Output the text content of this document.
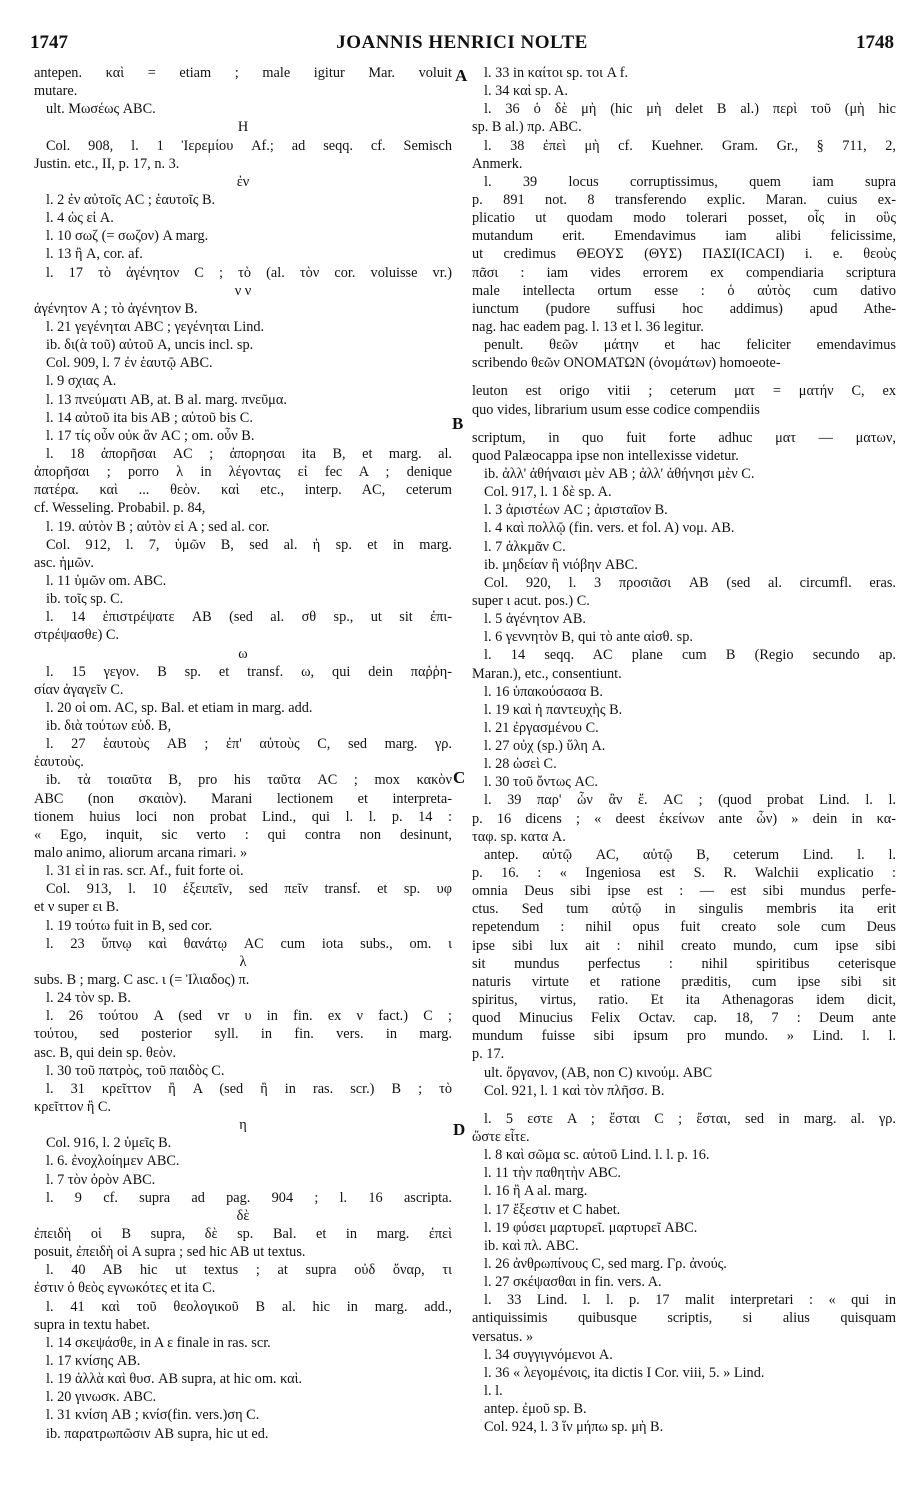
1747	JOANNIS HENRICI NOLTE	1748
A
B
C
D
antepen. καὶ = etiam ; male igitur Mar. voluit
mutare.
ult. Μωσέως ABC.
H
Col. 908, l. 1 Ἱερεμίου Af.; ad seqq. cf. Semisch
Justin. etc., II, p. 17, n. 3.
ἐν
l. 2 ἐν αὐτοῖς AC ; ἑαυτοῖς B.
l. 4 ὡς εἰ A.
l. 10 σωζ (= σωζον) A marg.
l. 13 ἢ A, cor. af.
l. 17 τὸ ἀγένητον C ; τὸ (al. τὸν cor. voluisse vr.)
ν ν
ἀγένητον A ; τὸ ἀγένητον B.
l. 21 γεγένηται ABC ; γεγένηται Lind.
ib. δι(ὰ τοῦ) αὐτοῦ A, uncis incl. sp.
Col. 909, l. 7 ἐν ἑαυτῷ ABC.
l. 9 σχιας A.
l. 13 πνεύματι AB, at. B al. marg. πνεῦμα.
l. 14 αὐτοῦ ita bis AB ; αὐτοῦ bis C.
l. 17 τίς οὖν οὐκ ἂν AC ; om. οὖν B.
l. 18 ἀπορῆσαι AC ; ἀπορησαι ita B, et marg. al.
ἀπορῆσαι ; porro λ in λέγοντας εἰ fec A ; denique
πατέρα. καὶ ... θεὸν. καὶ etc., interp. AC, ceterum
cf. Wesseling. Probabil. p. 84,
l. 19. αὐτὸν B ; αὐτὸν εἰ A ; sed al. cor.
Col. 912, l. 7, ὑμῶν B, sed al. ἡ sp. et in marg.
asc. ἡμῶν.
l. 11 ὑμῶν om. ABC.
ib. τοῖς sp. C.
l. 14 ἐπιστρέψατε AB (sed al. σθ sp., ut sit ἐπι-
στρέψασθε) C.
ω
l. 15 γεγον. B sp. et transf. ω, qui dein παῤῥη-
σίαν ἀγαγεῖν C.
l. 20 οἱ om. AC, sp. Bal. et etiam in marg. add.
ib. διὰ τούτων εὐδ. B,
l. 27 ἑαυτοὺς AB ; ἐπ' αὐτοὺς C, sed marg. γρ.
ἑαυτοὺς.
ib. τὰ τοιαῦτα B, pro his ταῦτα AC ; mox κακὸν
ABC (non σκαιὸν). Marani lectionem et interpreta-
tionem huius loci non probat Lind., qui l. l. p. 14 :
« Ego, inquit, sic verto : qui contra non desinunt,
malo animo, aliorum arcana rimari. »
l. 31 εἰ in ras. scr. Af., fuit forte οἱ.
Col. 913, l. 10 ἐξειπεῖν, sed πεῖν transf. et sp. υφ
et ν super ει B.
l. 19 τούτω fuit in B, sed cor.
l. 23 ὕπνῳ καὶ θανάτῳ AC cum iota subs., om. ι
λ
subs. B ; marg. C asc. ι (= Ἰλιαδος) π.
l. 24 τὸν sp. B.
l. 26 τούτου A (sed vr υ in fin. ex ν fact.) C ;
τούτου, sed posterior syll. in fin. vers. in marg.
asc. B, qui dein sp. θεὸν.
l. 30 τοῦ πατρὸς, τοῦ παιδὸς C.
l. 31 κρεῖττον ἢ A (sed ἢ in ras. scr.) B ; τὸ
κρεῖττον ἢ C.
η
Col. 916, l. 2 ὑμεῖς B.
l. 6. ἐνοχλοίημεν ABC.
l. 7 τὸν ὀρὸν ABC.
l. 9 cf. supra ad pag. 904 ; l. 16 ascripta.
δὲ
ἐπειδὴ οἱ B supra, δὲ sp. Bal. et in marg. ἐπεὶ
posuit, ἐπειδὴ οἱ A supra ; sed hic AB ut textus.
l. 40 AB hic ut textus ; at supra οὐδ ὄναρ, τι
ἐστιν ὁ θεὸς εγνωκότες et ita C.
l. 41 καὶ τοῦ θεολογικοῦ B al. hic in marg. add.,
supra in textu habet.
l. 14 σκεψάσθε, in A ε finale in ras. scr.
l. 17 κνίσης AB.
l. 19 ἀλλὰ καὶ θυσ. AB supra, at hic om. καὶ.
l. 20 γινωσκ. ABC.
l. 31 κνίση AB ; κνίσ(fin. vers.)ση C.
ib. παρατρωπῶσιν AB supra, hic ut ed.
l. 33 in καίτοι sp. τοι A f.
l. 34 καὶ sp. A.
l. 36 ὁ δὲ μὴ (hic μὴ delet B al.) περὶ τοῦ (μὴ hic
sp. B al.) πρ. ABC.
l. 38 ἐπεὶ μὴ cf. Kuehner. Gram. Gr., § 711, 2,
Anmerk.
l. 39 locus corruptissimus, quem iam supra
p. 891 not. 8 transferendo explic. Maran. cuius ex-
plicatio ut quodam modo tolerari posset, οἷς in οὓς
mutandum erit. Emendavimus iam alibi felicissime,
ut credimus ΘΕΟΥΣ (ΘΥΣ) ΠΑΣΙ(ΙCΑCΙ) i. e. θεοὺς
πᾶσι : iam vides errorem ex compendiaria scriptura
male intellecta ortum esse : ὁ αὐτὸς cum dativo
iunctum (pudore suffusi hoc addimus) apud Athe-
nag. hac eadem pag. l. 13 et l. 36 legitur.
penult. θεῶν μάτην et hac feliciter emendavimus
scribendo θεῶν ΟΝΟΜΑΤΩΝ (ὀνομάτων) homoeote-
leuton est origo vitii ; ceterum ματ = ματήν C, ex
quo vides, librarium usum esse codice compendiis
scriptum, in quo fuit forte adhuc ματ — ματων,
quod Palæocappa ipse non intellexisse videtur.
ib. ἀλλ' ἀθήναισι μὲν AB ; ἀλλ' ἀθήνησι μὲν C.
Col. 917, l. 1 δὲ sp. A.
l. 3 ἀριστέων AC ; ἀρισταῖον B.
l. 4 καὶ πολλῷ (fin. vers. et fol. A) νομ. AB.
l. 7 ἀλκμᾶν C.
ib. μηδείαν ἢ νιόβην ABC.
Col. 920, l. 3 προσιᾶσι AB (sed al. circumfl. eras.
super ι acut. pos.) C.
l. 5 ἀγένητον AB.
l. 6 γεννητὸν B, qui τὸ ante αἰσθ. sp.
l. 14 seqq. AC plane cum B (Regio secundo ap.
Maran.), etc., consentiunt.
l. 16 ὑπακούσασα B.
l. 19 καὶ ἡ παντευχὴς B.
l. 21 ἐργασμένου C.
l. 27 οὐχ (sp.) ὕλη A.
l. 28 ὡσεὶ C.
l. 30 τοῦ ὄντως AC.
l. 39 παρ' ὧν ἂν ἔ. AC ; (quod probat Lind. l. l.
p. 16 dicens ; « deest ἐκείνων ante ὧν) » dein in κα-
ταφ. sp. κατα A.
antep. αὐτῷ AC, αὐτῷ B, ceterum Lind. l. l.
p. 16. : « Ingeniosa est S. R. Walchii explicatio :
omnia Deus sibi ipse est : — est sibi mundus perfe-
ctus. Sed tum αὐτῷ in singulis membris ita erit
repetendum : nihil opus fuit creato sole cum Deus
ipse sibi lux ait : nihil creato mundo, cum ipse sibi
sit mundus perfectus : nihil spiritibus ceterisque
naturis virtute et ratione præditis, cum ipse sibi sit
spiritus, virtus, ratio. Et ita Athenagoras idem dicit,
quod Minucius Felix Octav. cap. 18, 7 : Deum ante
mundum fuisse sibi ipsum pro mundo. » Lind. l. l.
p. 17.
ult. ὄργανον, (AB, non C) κινούμ. ABC
Col. 921, l. 1 καὶ τὸν πλῆσσ. B.
l. 5 εστε A ; ἔσται C ; ἔσται, sed in marg. al. γρ.
ὥστε εἶτε.
l. 8 καὶ σῶμα sc. αὐτοῦ Lind. l. l. p. 16.
l. 11 τὴν παθητὴν ABC.
l. 16 ἢ A al. marg.
l. 17 ἔξεστιν et C habet.
l. 19 φύσει μαρτυρεῖ. μαρτυρεῖ ABC.
ib. καὶ πλ. ABC.
l. 26 ἀνθρωπίνους C, sed marg. Γρ. ἀνούς.
l. 27 σκέψασθαι in fin. vers. A.
l. 33 Lind. l. l. p. 17 malit interpretari : « qui in
antiquissimis quibusque scriptis, si alius quisquam
versatus. »
l. 34 συγγιγνόμενοι A.
l. 36 « λεγομένοις, ita dictis I Cor. viii, 5. » Lind.
l. l.
antep. ἐμοῦ sp. B.
Col. 924, l. 3 ἵν μήπω sp. μὴ B.
